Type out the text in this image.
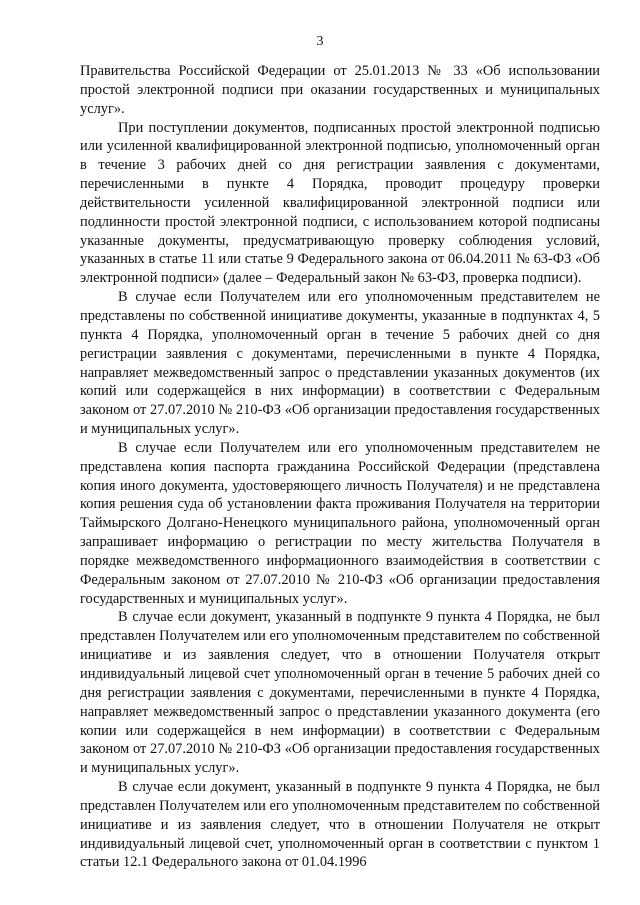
3

Правительства Российской Федерации от 25.01.2013 № 33 «Об использовании простой электронной подписи при оказании государственных и муниципальных услуг».

При поступлении документов, подписанных простой электронной подписью или усиленной квалифицированной электронной подписью, уполномоченный орган в течение 3 рабочих дней со дня регистрации заявления с документами, перечисленными в пункте 4 Порядка, проводит процедуру проверки действительности усиленной квалифицированной электронной подписи или подлинности простой электронной подписи, с использованием которой подписаны указанные документы, предусматривающую проверку соблюдения условий, указанных в статье 11 или статье 9 Федерального закона от 06.04.2011 № 63-ФЗ «Об электронной подписи» (далее – Федеральный закон № 63-ФЗ, проверка подписи).

В случае если Получателем или его уполномоченным представителем не представлены по собственной инициативе документы, указанные в подпунктах 4, 5 пункта 4 Порядка, уполномоченный орган в течение 5 рабочих дней со дня регистрации заявления с документами, перечисленными в пункте 4 Порядка, направляет межведомственный запрос о представлении указанных документов (их копий или содержащейся в них информации) в соответствии с Федеральным законом от 27.07.2010 № 210-ФЗ «Об организации предоставления государственных и муниципальных услуг».

В случае если Получателем или его уполномоченным представителем не представлена копия паспорта гражданина Российской Федерации (представлена копия иного документа, удостоверяющего личность Получателя) и не представлена копия решения суда об установлении факта проживания Получателя на территории Таймырского Долгано-Ненецкого муниципального района, уполномоченный орган запрашивает информацию о регистрации по месту жительства Получателя в порядке межведомственного информационного взаимодействия в соответствии с Федеральным законом от 27.07.2010 № 210-ФЗ «Об организации предоставления государственных и муниципальных услуг».

В случае если документ, указанный в подпункте 9 пункта 4 Порядка, не был представлен Получателем или его уполномоченным представителем по собственной инициативе и из заявления следует, что в отношении Получателя открыт индивидуальный лицевой счет уполномоченный орган в течение 5 рабочих дней со дня регистрации заявления с документами, перечисленными в пункте 4 Порядка, направляет межведомственный запрос о представлении указанного документа (его копии или содержащейся в нем информации) в соответствии с Федеральным законом от 27.07.2010 № 210-ФЗ «Об организации предоставления государственных и муниципальных услуг».

В случае если документ, указанный в подпункте 9 пункта 4 Порядка, не был представлен Получателем или его уполномоченным представителем по собственной инициативе и из заявления следует, что в отношении Получателя не открыт индивидуальный лицевой счет, уполномоченный орган в соответствии с пунктом 1 статьи 12.1 Федерального закона от 01.04.1996
